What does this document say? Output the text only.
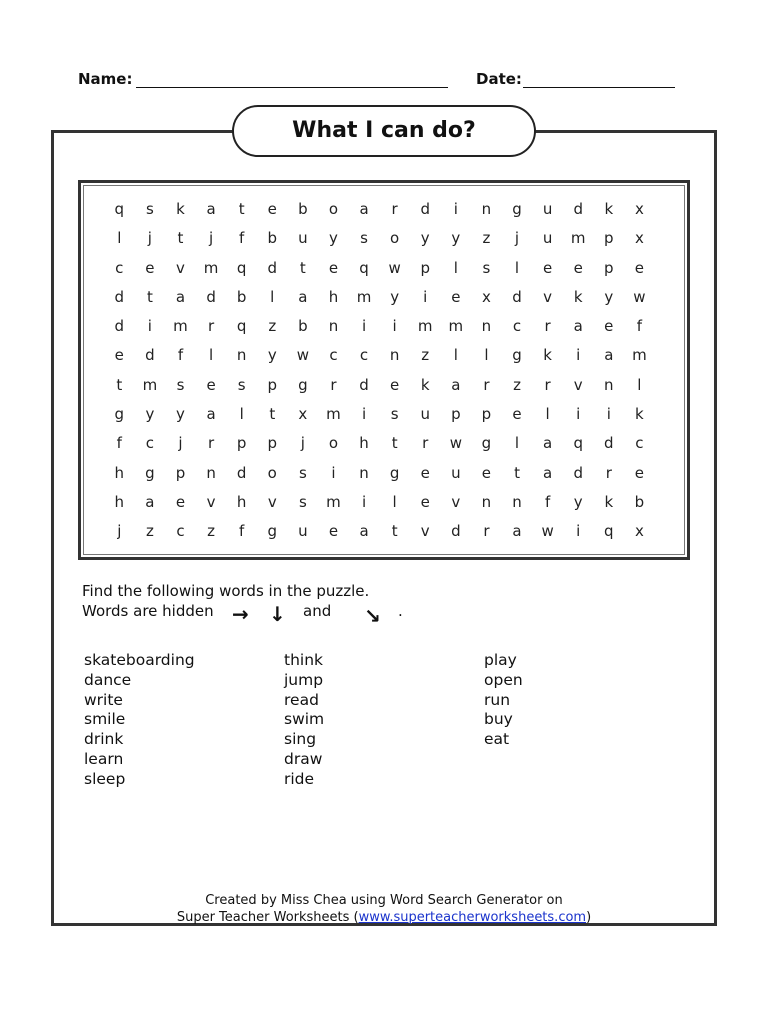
Name:	Date:
What I can do?
q	s	k	a	t	e	b	o	a	r	d	i	n	g	u	d	k	x
l	j	t	j	f	b	u	y	s	o	y	y	z	j	u	m	p	x
c	e	v	m	q	d	t	e	q	w	p	l	s	l	e	e	p	e
d	t	a	d	b	l	a	h	m	y	i	e	x	d	v	k	y	w
d	i	m	r	q	z	b	n	i	i	m	m	n	c	r	a	e	f
e	d	f	l	n	y	w	c	c	n	z	l	l	g	k	i	a	m
t	m	s	e	s	p	g	r	d	e	k	a	r	z	r	v	n	l
g	y	y	a	l	t	x	m	i	s	u	p	p	e	l	i	i	k
f	c	j	r	p	p	j	o	h	t	r	w	g	l	a	q	d	c
h	g	p	n	d	o	s	i	n	g	e	u	e	t	a	d	r	e
h	a	e	v	h	v	s	m	i	l	e	v	n	n	f	y	k	b
j	z	c	z	f	g	u	e	a	t	v	d	r	a	w	i	q	x
Find the following words in the puzzle.
Words are hidden → ↓ and ↘ .
skateboarding
dance
write
smile
drink
learn
sleep
think
jump
read
swim
sing
draw
ride
play
open
run
buy
eat
Created by Miss Chea using Word Search Generator on
Super Teacher Worksheets (www.superteacherworksheets.com)
